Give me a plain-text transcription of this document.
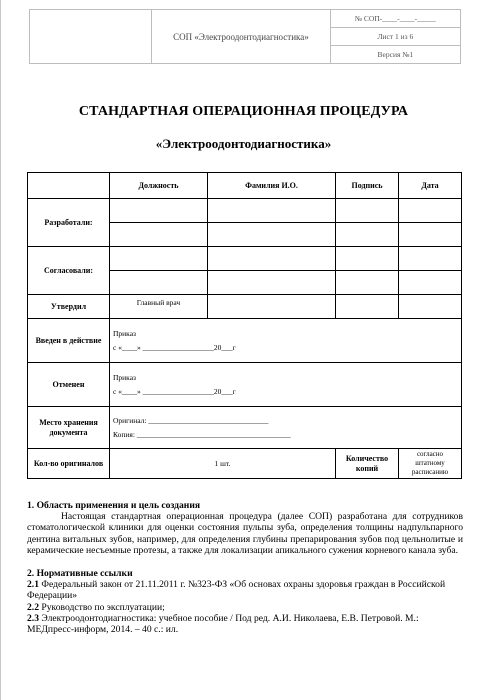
	СОП «Электроодонтодиагностика»	№ СОП-____-____-_____
Лист 1 из 6
Версия №1
СТАНДАРТНАЯ ОПЕРАЦИОННАЯ ПРОЦЕДУРА
«Электроодонтодиагностика»
	Должность	Фамилия И.О.	Подпись	Дата
Разработали:				

Согласовали:				

Утвердил	Главный врач			
Введен в действие	Приказ
с «____» ___________________20___г			

Отменен	Приказ
с «____» ___________________20___г			

Место хранения документа	Оригинал: ________________________________
Копия: _________________________________________			

Кол-во оригиналов	1 шт.		Количество копий	согласно штатному расписанию

1. Область применения и цель создания

Настоящая стандартная операционная процедура (далее СОП) разработана для сотрудников стоматологической клиники для оценки состояния пульпы зуба, определения толщины надпульпарного дентина витальных зубов, например, для определения глубины препарирования зубов под цельнолитые и керамические несъемные протезы, а также для локализации апикального сужения корневого канала зуба.

2. Нормативные ссылки

2.1 Федеральный закон от 21.11.2011 г. №323-ФЗ «Об основах охраны здоровья граждан в Российской Федерации»

2.2 Руководство по эксплуатации;

2.3 Электроодонтодиагностика: учебное пособие / Под ред. А.И. Николаева, Е.В. Петровой. М.: МЕДпресс-информ, 2014. – 40 с.: ил.
